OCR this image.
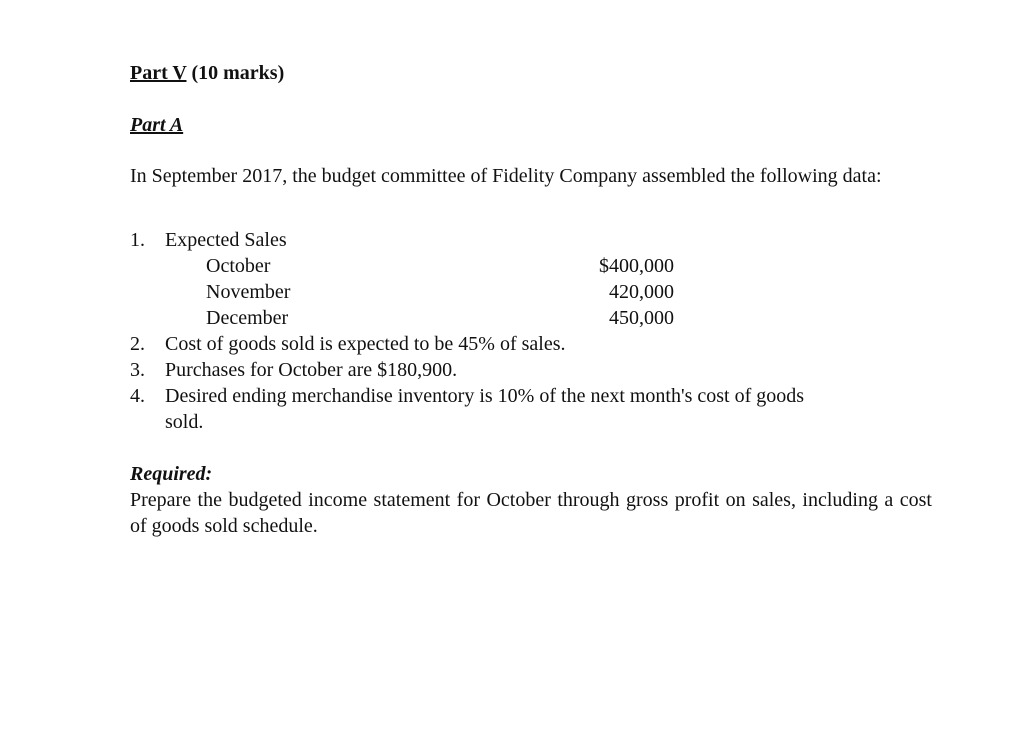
Part V (10 marks)
Part A
In September 2017, the budget committee of Fidelity Company assembled the following data:
1. Expected Sales
October	$400,000
November	420,000
December	450,000
2. Cost of goods sold is expected to be 45% of sales.
3. Purchases for October are $180,900.
4. Desired ending merchandise inventory is 10% of the next month's cost of goods
sold.
Required:
Prepare the budgeted income statement for October through gross profit on sales, including a cost of goods sold schedule.
